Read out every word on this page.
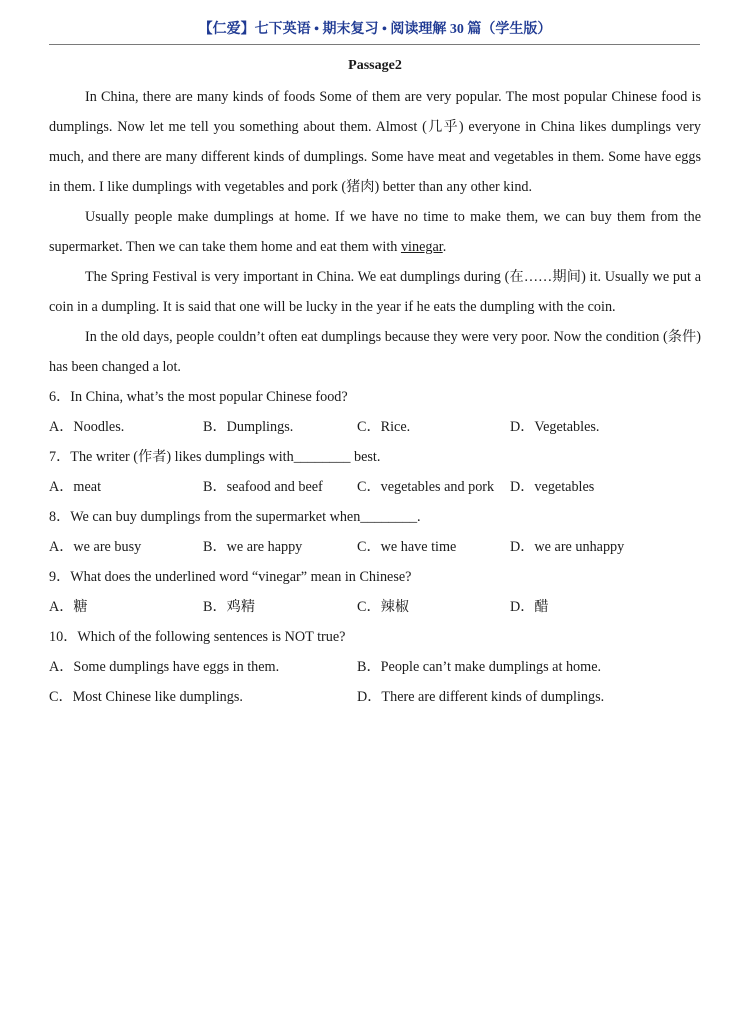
【仁爱】七下英语 • 期末复习 • 阅读理解 30 篇（学生版）
Passage2

In China, there are many kinds of foods Some of them are very popular. The most popular Chinese food is dumplings. Now let me tell you something about them. Almost (几乎) everyone in China likes dumplings very much, and there are many different kinds of dumplings. Some have meat and vegetables in them. Some have eggs in them. I like dumplings with vegetables and pork (猪肉) better than any other kind.

Usually people make dumplings at home. If we have no time to make them, we can buy them from the supermarket. Then we can take them home and eat them with vinegar.

The Spring Festival is very important in China. We eat dumplings during (在……期间) it. Usually we put a coin in a dumpling. It is said that one will be lucky in the year if he eats the dumpling with the coin.

In the old days, people couldn’t often eat dumplings because they were very poor. Now the condition (条件) has been changed a lot.

6．In China, what’s the most popular Chinese food?

A．Noodles.	B．Dumplings.	C．Rice.	D．Vegetables.

7．The writer (作者) likes dumplings with________ best.

A．meat	B．seafood and beef C．vegetables and pork D．vegetables

8．We can buy dumplings from the supermarket when________.

A．we are busy	B．we are happy	C．we have time	D．we are unhappy

9．What does the underlined word “vinegar” mean in Chinese?

A．糖	B．鸡精	C．辣椒	D．醋

10．Which of the following sentences is NOT true?

A．Some dumplings have eggs in them.	B．People can’t make dumplings at home.
C．Most Chinese like dumplings.	D．There are different kinds of dumplings.
